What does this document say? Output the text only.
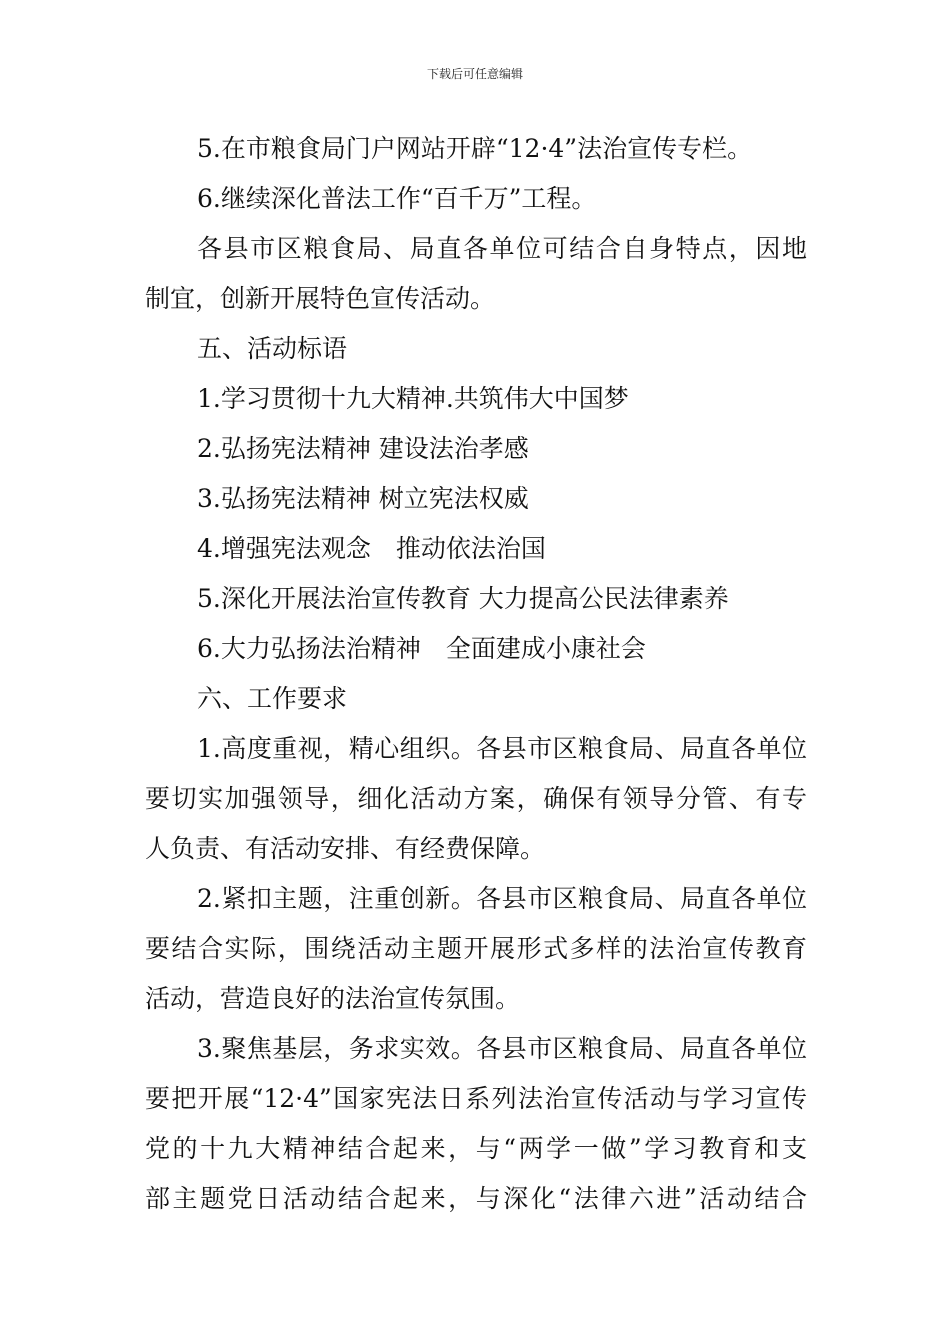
下载后可任意编辑
5.在市粮食局门户网站开辟“12·4”法治宣传专栏。
6.继续深化普法工作“百千万”工程。
各县市区粮食局、局直各单位可结合自身特点，因地
制宜，创新开展特色宣传活动。
五、活动标语
1.学习贯彻十九大精神.共筑伟大中国梦
2.弘扬宪法精神 建设法治孝感
3.弘扬宪法精神 树立宪法权威
4.增强宪法观念　推动依法治国
5.深化开展法治宣传教育 大力提高公民法律素养
6.大力弘扬法治精神　全面建成小康社会
六、工作要求
1.高度重视，精心组织。各县市区粮食局、局直各单位
要切实加强领导，细化活动方案，确保有领导分管、有专
人负责、有活动安排、有经费保障。
2.紧扣主题，注重创新。各县市区粮食局、局直各单位
要结合实际，围绕活动主题开展形式多样的法治宣传教育
活动，营造良好的法治宣传氛围。
3.聚焦基层，务求实效。各县市区粮食局、局直各单位
要把开展“12·4”国家宪法日系列法治宣传活动与学习宣传
党的十九大精神结合起来，与“两学一做”学习教育和支
部主题党日活动结合起来，与深化“法律六进”活动结合
